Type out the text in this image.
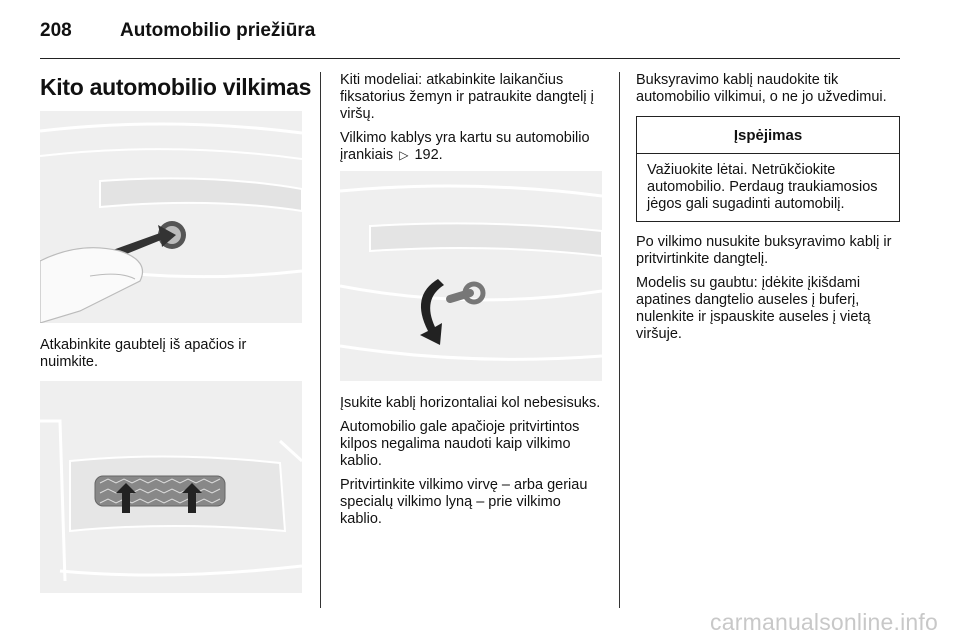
208	Automobilio priežiūra
Kito automobilio vilkimas

Atkabinkite gaubtelį iš apačios ir nuimkite.

Kiti modeliai: atkabinkite laikančius fiksatorius žemyn ir patraukite dangtelį į viršų.

Vilkimo kablys yra kartu su automobilio įrankiais ▷ 192.

Įsukite kablį horizontaliai kol nebesisuks.

Automobilio gale apačioje pritvirtintos kilpos negalima naudoti kaip vilkimo kablio.

Pritvirtinkite vilkimo virvę – arba geriau specialų vilkimo lyną – prie vilkimo kablio.

Buksyravimo kablį naudokite tik automobilio vilkimui, o ne jo užvedimui.

Įspėjimas
Važiuokite lėtai. Netrūkčiokite automobilio. Perdaug traukiamosios jėgos gali sugadinti automobilį.

Po vilkimo nusukite buksyravimo kablį ir pritvirtinkite dangtelį.

Modelis su gaubtu: įdėkite įkišdami apatines dangtelio auseles į buferį, nulenkite ir įspauskite auseles į vietą viršuje.

carmanualsonline.info
